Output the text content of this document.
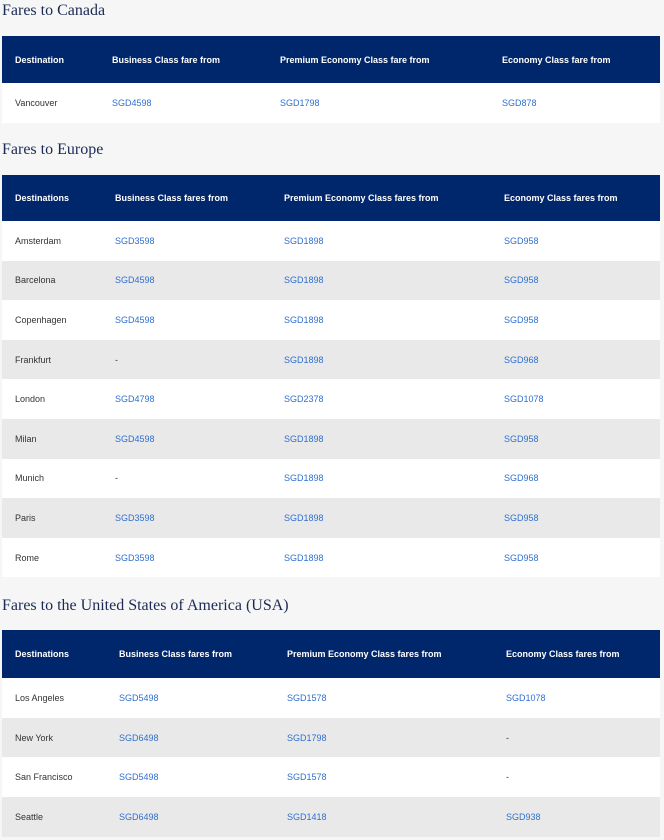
Fares to Canada
Destination	Business Class fare from	Premium Economy Class fare from	Economy Class fare from
Vancouver	SGD4598	SGD1798	SGD878
Fares to Europe
Destinations	Business Class fares from	Premium Economy Class fares from	Economy Class fares from
Amsterdam	SGD3598	SGD1898	SGD958
Barcelona	SGD4598	SGD1898	SGD958
Copenhagen	SGD4598	SGD1898	SGD958
Frankfurt	-	SGD1898	SGD968
London	SGD4798	SGD2378	SGD1078
Milan	SGD4598	SGD1898	SGD958
Munich	-	SGD1898	SGD968
Paris	SGD3598	SGD1898	SGD958
Rome	SGD3598	SGD1898	SGD958
Fares to the United States of America (USA)
Destinations	Business Class fares from	Premium Economy Class fares from	Economy Class fares from
Los Angeles	SGD5498	SGD1578	SGD1078
New York	SGD6498	SGD1798	-
San Francisco	SGD5498	SGD1578	-
Seattle	SGD6498	SGD1418	SGD938
